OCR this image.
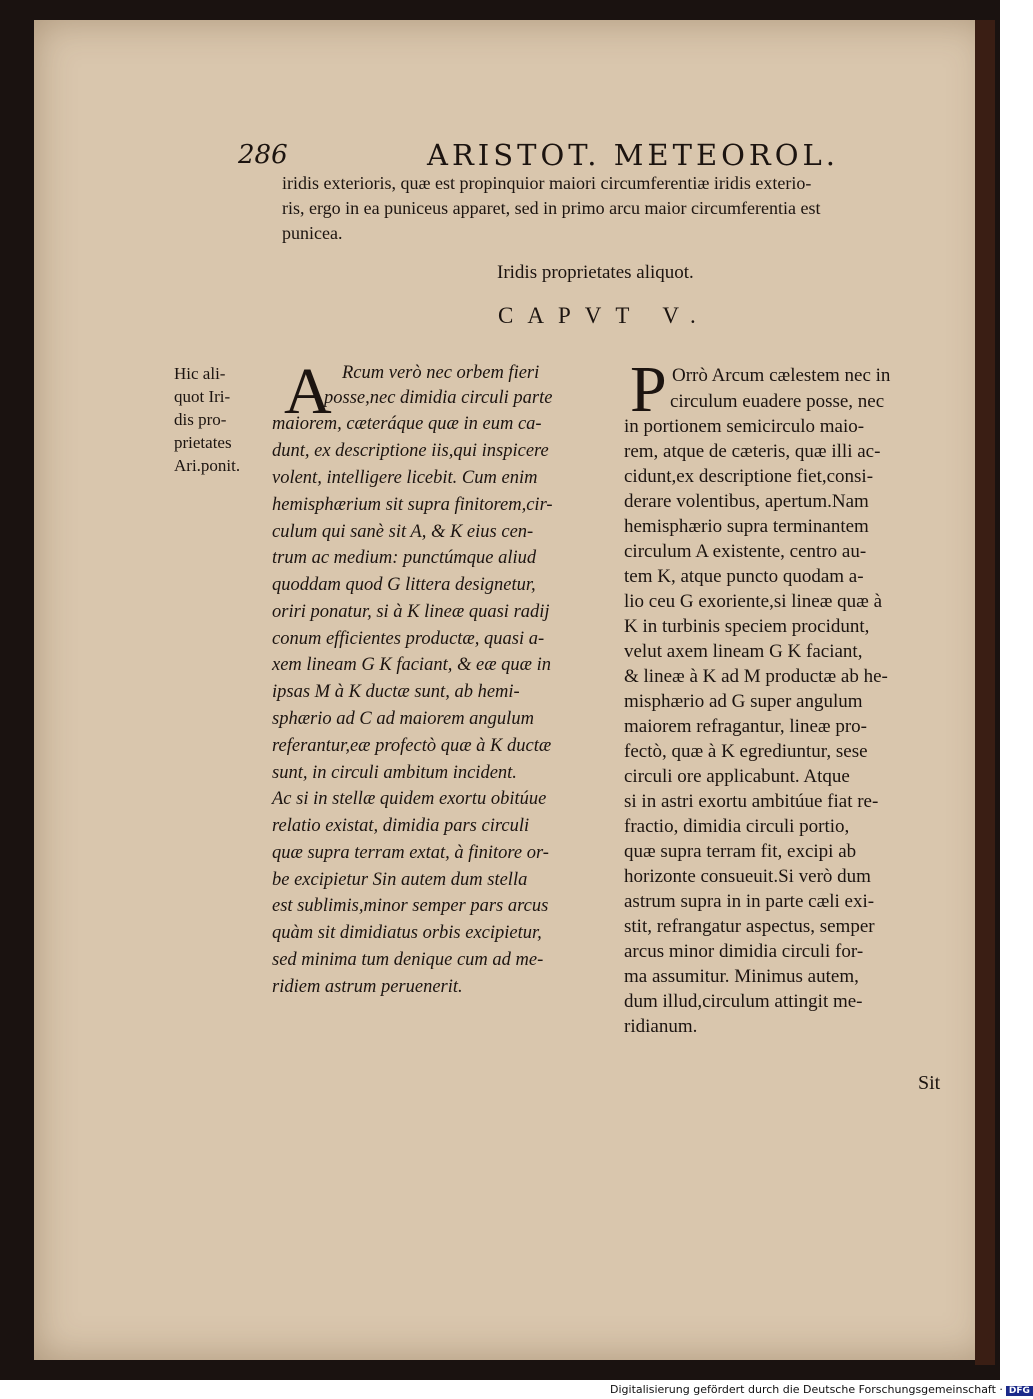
286	ARISTOT. METEOROL.
iridis exterioris, quæ est propinquior maiori circumferentiæ iridis exterio-
ris, ergo in ea puniceus apparet, sed in primo arcu maior circumferentia est
punicea.
Iridis proprietates aliquot.
CAPVT V.
Hic ali-
quot Iri-
dis pro-
prietates
Ari.ponit.
A Rcum verò nec orbem fieri
posse,nec dimidia circuli parte
maiorem, cæteráque quæ in eum ca-
dunt, ex descriptione iis,qui inspicere
volent, intelligere licebit. Cum enim
hemisphærium sit supra finitorem,cir-
culum qui sanè sit A, & K eius cen-
trum ac medium: punctúmque aliud
quoddam quod G littera designetur,
oriri ponatur, si à K lineæ quasi radij
conum efficientes productæ, quasi a-
xem lineam G K faciant, & eæ quæ in
ipsas M à K ductæ sunt, ab hemi-
sphærio ad C ad maiorem angulum
referantur,eæ profectò quæ à K ductæ
sunt, in circuli ambitum incident.
Ac si in stellæ quidem exortu obitúue
relatio existat, dimidia pars circuli
quæ supra terram extat, à finitore or-
be excipietur Sin autem dum stella
est sublimis,minor semper pars arcus
quàm sit dimidiatus orbis excipietur,
sed minima tum denique cum ad me-
ridiem astrum peruenerit.
P Orrò Arcum cælestem nec in
circulum euadere posse, nec
in portionem semicirculo maio-
rem, atque de cæteris, quæ illi ac-
cidunt,ex descriptione fiet,consi-
derare volentibus, apertum.Nam
hemisphærio supra terminantem
circulum A existente, centro au-
tem K, atque puncto quodam a-
lio ceu G exoriente,si lineæ quæ à
K in turbinis speciem procidunt,
velut axem lineam G K faciant,
& lineæ à K ad M productæ ab he-
misphærio ad G super angulum
maiorem refragantur, lineæ pro-
fectò, quæ à K egrediuntur, sese
circuli ore applicabunt. Atque
si in astri exortu ambitúue fiat re-
fractio, dimidia circuli portio,
quæ supra terram fit, excipi ab
horizonte consueuit.Si verò dum
astrum supra in in parte cæli exi-
stit, refrangatur aspectus, semper
arcus minor dimidia circuli for-
ma assumitur. Minimus autem,
dum illud,circulum attingit me-
ridianum.
Sit
Digitalisierung gefördert durch die Deutsche Forschungsgemeinschaft · DFG
